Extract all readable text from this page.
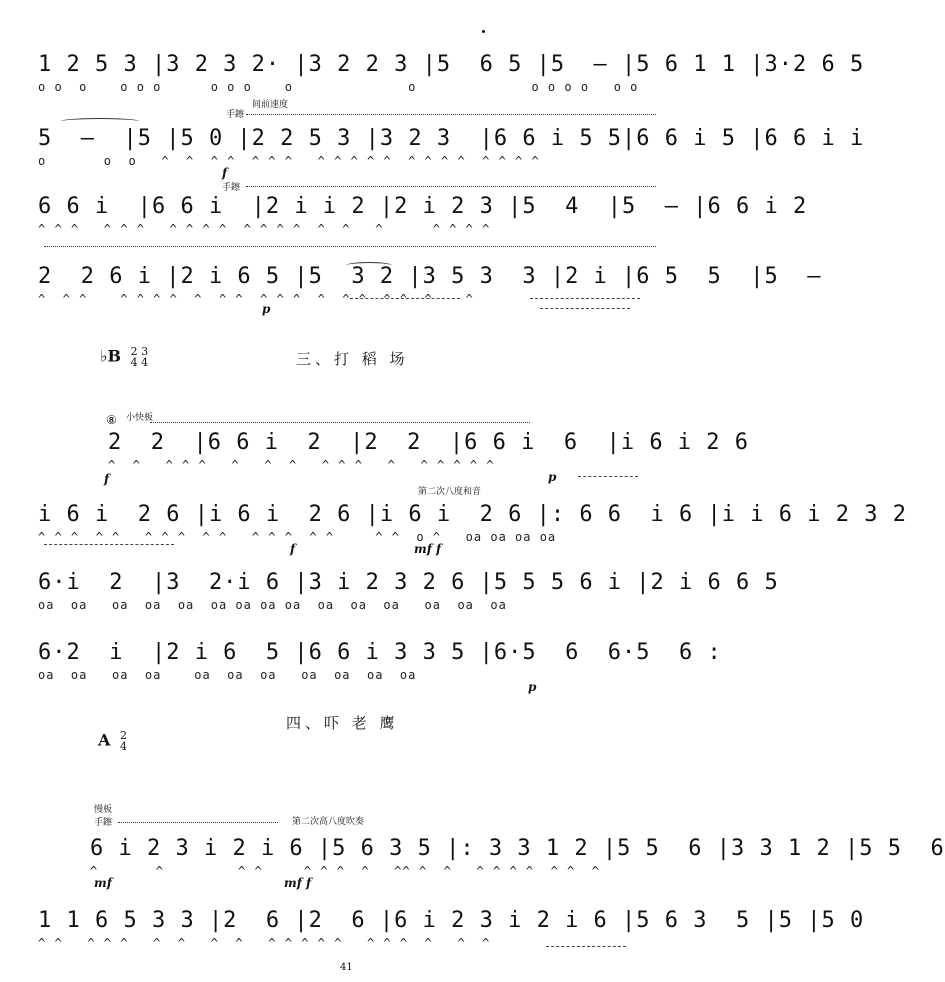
1 2 5 3 |3 2 3 2· |3 2 2 3 |5  6 5 |5  — |5 6 1 1 |3·2 6 5
o o  o    o o o      o o o    o              o              o o o o   o o
手鑔
间前速度
5  —  |5 |5 0 |2 2 5 3 |3 2 3  |6 6 i 5 5|6 6 i 5 |6 6 i i
o       o  o   ^  ^  ^ ^  ^ ^ ^   ^ ^ ^ ^ ^  ^ ^ ^ ^  ^ ^ ^ ^
f
手鑔
6 6 i  |6 6 i  |2 i i 2 |2 i 2 3 |5  4  |5  — |6 6 i 2
^ ^ ^   ^ ^ ^   ^ ^ ^ ^  ^ ^ ^ ^  ^  ^   ^      ^ ^ ^ ^
2  2 6 i |2 i 6 5 |5  3 2 |3 5 3  3 |2 i |6 5  5  |5  —
^  ^ ^    ^ ^ ^ ^  ^  ^ ^  ^ ^ ^  ^  ^ ^  ^ ^  ^    ^
p
♭B 2 3
4 4	三、打 稻 场
⑧ 小快板
2  2  |6 6 i  2  |2  2  |6 6 i  6  |i 6 i 2 6
^  ^   ^ ^ ^   ^   ^  ^   ^ ^ ^   ^   ^ ^ ^ ^ ^
f	p
第二次八度和音
i 6 i  2 6 |i 6 i  2 6 |i 6 i  2 6 |: 6 6  i 6 |i i 6 i 2 3 2
^ ^ ^  ^ ^   ^ ^ ^  ^ ^   ^ ^ ^  ^ ^     ^ ^  o ^   oa oa oa oa
f	mf f
6·i  2  |3  2·i 6 |3 i 2 3 2 6 |5 5 5 6 i |2 i 6 6 5
oa  oa   oa  oa  oa  oa oa oa oa  oa  oa  oa   oa  oa  oa
6·2  i  |2 i 6  5 |6 6 i 3 3 5 |6·5  6  6·5  6 :
oa  oa   oa  oa    oa  oa  oa   oa  oa  oa  oa
p
四、吓 老 鹰
A 2
4
慢板
手鑔	第二次高八度吹奏
6 i 2 3 i 2 i 6 |5 6 3 5 |: 3 3 1 2 |5 5  6 |3 3 1 2 |5 5  6
^       ^         ^ ^     ^ ^ ^  ^   ^^ ^  ^   ^ ^ ^ ^  ^ ^  ^
mf	mf f
1 1 6 5 3 3 |2  6 |2  6 |6 i 2 3 i 2 i 6 |5 6 3  5 |5 |5 0
^ ^   ^ ^ ^   ^  ^   ^  ^   ^ ^ ^ ^ ^   ^ ^ ^  ^   ^  ^
41
